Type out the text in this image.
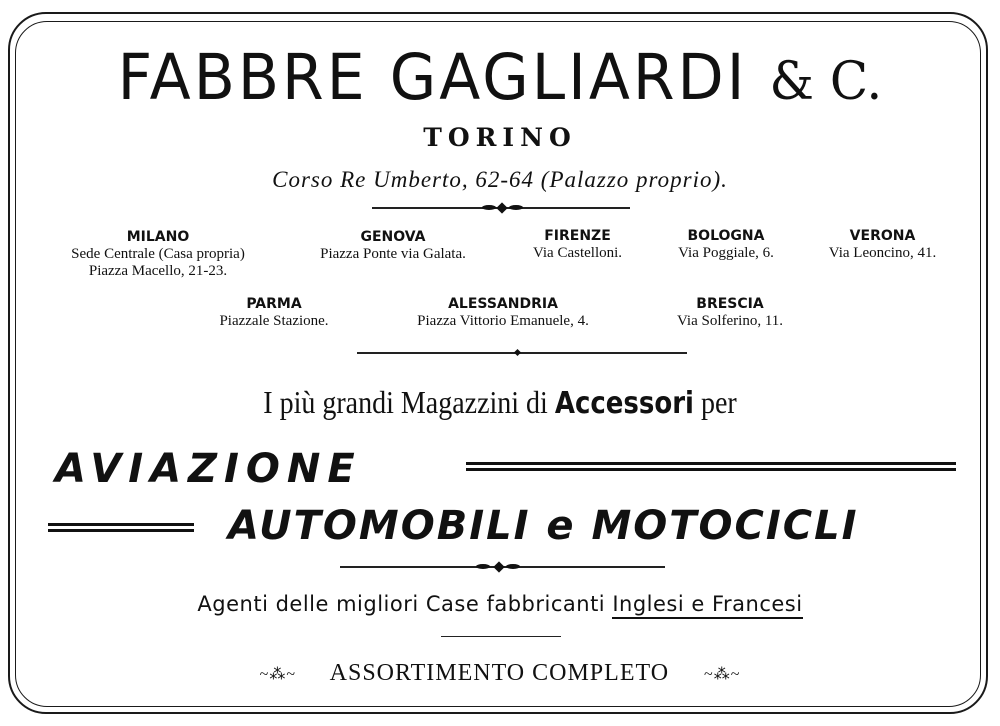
FABBRE GAGLIARDI & C.
TORINO
Corso Re Umberto, 62-64 (Palazzo proprio).
MILANO
Sede Centrale (Casa propria)
Piazza Macello, 21-23.
GENOVA
Piazza Ponte via Galata.
FIRENZE
Via Castelloni.
BOLOGNA
Via Poggiale, 6.
VERONA
Via Leoncino, 41.
PARMA
Piazzale Stazione.
ALESSANDRIA
Piazza Vittorio Emanuele, 4.
BRESCIA
Via Solferino, 11.
I più grandi Magazzini di Accessori per
AVIAZIONE
AUTOMOBILI e MOTOCICLI
Agenti delle migliori Case fabbricanti Inglesi e Francesi
~⁂~ ASSORTIMENTO COMPLETO ~⁂~
